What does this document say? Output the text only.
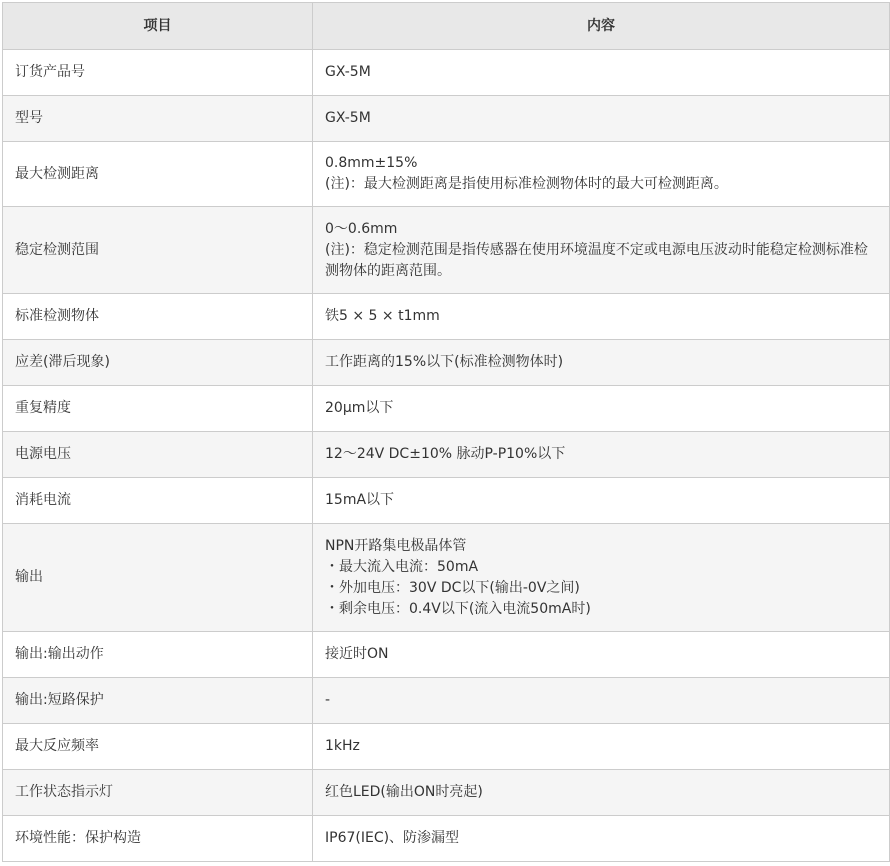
项目	内容
订货产品号	GX-5M

型号	GX-5M

最大检测距离	0.8mm±15%
(注)：最大检测距离是指使用标准检测物体时的最大可检测距离。

稳定检测范围	0～0.6mm
(注)：稳定检测范围是指传感器在使用环境温度不定或电源电压波动时能稳定检测标准检测物体的距离范围。

标准检测物体	铁5 × 5 × t1mm

应差(滞后现象)	工作距离的15%以下(标准检测物体时)

重复精度	20μm以下

电源电压	12～24V DC±10% 脉动P-P10%以下

消耗电流	15mA以下

输出	NPN开路集电极晶体管
・最大流入电流：50mA
・外加电压：30V DC以下(输出-0V之间)
・剩余电压：0.4V以下(流入电流50mA时)

输出:输出动作	接近时ON

输出:短路保护	-

最大反应频率	1kHz

工作状态指示灯	红色LED(输出ON时亮起)

环境性能：保护构造	IP67(IEC)、防渗漏型
